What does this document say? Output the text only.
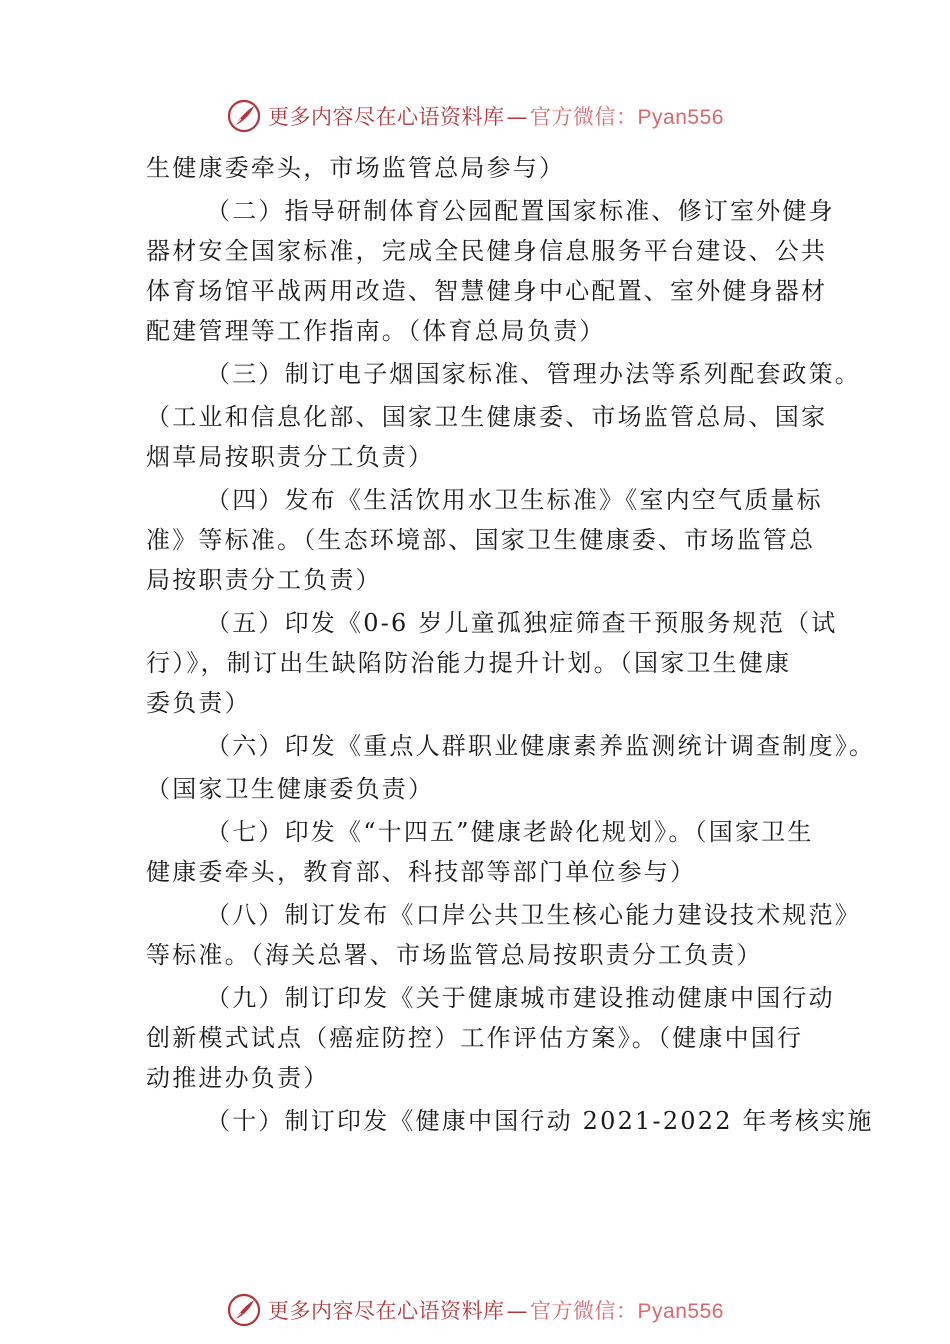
更多内容尽在心语资料库—官方微信：Pyan556
生健康委牵头，市场监管总局参与）
（二）指导研制体育公园配置国家标准、修订室外健身
器材安全国家标准，完成全民健身信息服务平台建设、公共
体育场馆平战两用改造、智慧健身中心配置、室外健身器材
配建管理等工作指南。（体育总局负责）
（三）制订电子烟国家标准、管理办法等系列配套政策。
（工业和信息化部、国家卫生健康委、市场监管总局、国家
烟草局按职责分工负责）
（四）发布《生活饮用水卫生标准》《室内空气质量标
准》等标准。（生态环境部、国家卫生健康委、市场监管总
局按职责分工负责）
（五）印发《0-6 岁儿童孤独症筛查干预服务规范（试
行）》，制订出生缺陷防治能力提升计划。（国家卫生健康
委负责）
（六）印发《重点人群职业健康素养监测统计调查制度》。
（国家卫生健康委负责）
（七）印发《“十四五”健康老龄化规划》。（国家卫生
健康委牵头，教育部、科技部等部门单位参与）
（八）制订发布《口岸公共卫生核心能力建设技术规范》
等标准。（海关总署、市场监管总局按职责分工负责）
（九）制订印发《关于健康城市建设推动健康中国行动
创新模式试点（癌症防控）工作评估方案》。（健康中国行
动推进办负责）
（十）制订印发《健康中国行动 2021-2022 年考核实施
更多内容尽在心语资料库—官方微信：Pyan556
